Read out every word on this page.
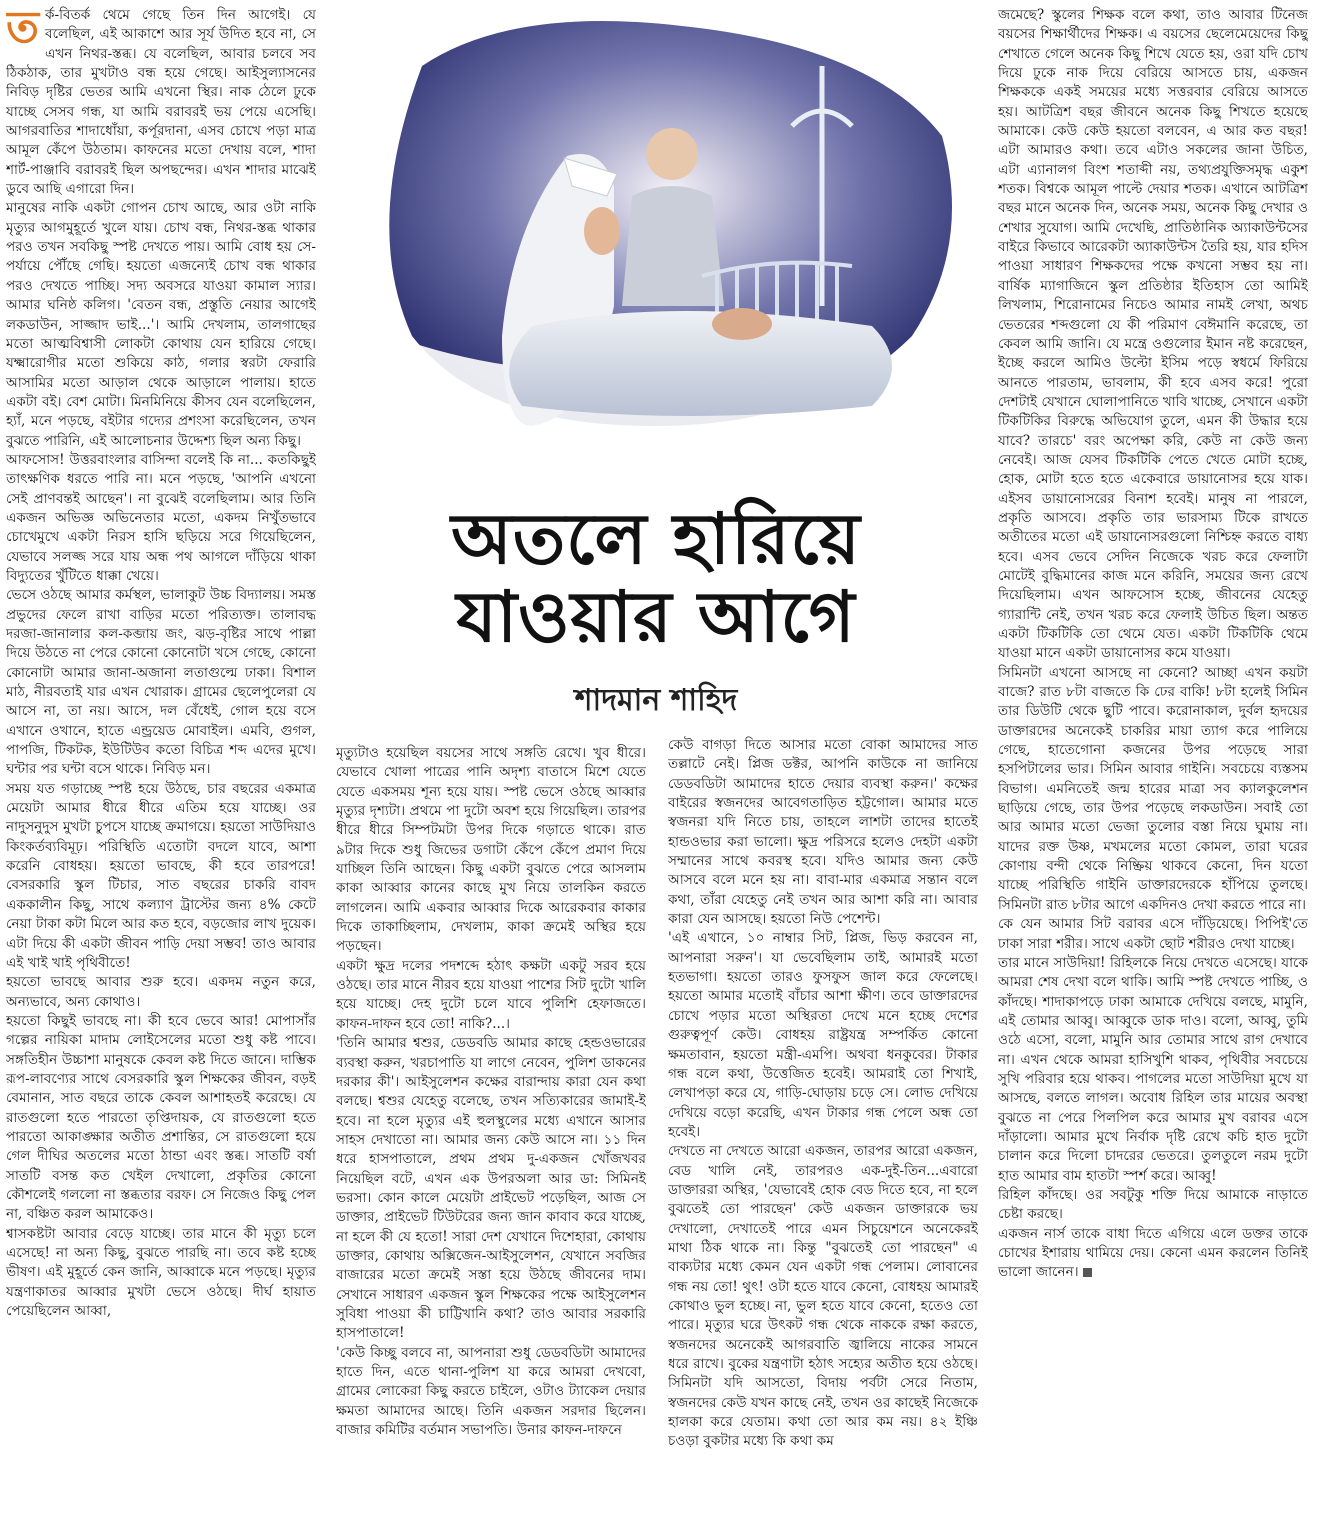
ত র্ক-বিতর্ক থেমে গেছে তিন দিন আগেই। যে বলেছিল, এই আকাশে আর সূর্য উদিত হবে না, সে এখন নিথর-স্তব্ধ। যে বলেছিল, আবার চলবে সব ঠিকঠাক, তার মুখটাও বন্ধ হয়ে গেছে। আইসুল্যাসনের নিবিড় দৃষ্টির ভেতর আমি এখনো স্থির। নাক ঠেলে ঢুকে যাচ্ছে সেসব গন্ধ, যা আমি বরাবরই ভয় পেয়ে এসেছি। আগরবাতির শাদাধোঁয়া, কর্পূরদানা, এসব চোখে পড়া মাত্র আমূল কেঁপে উঠতাম। কাফনের মতো দেখায় বলে, শাদা শার্ট-পাঞ্জাবি বরাবরই ছিল অপছন্দের। এখন শাদার মাঝেই ডুবে আছি এগারো দিন।

মানুষের নাকি একটা গোপন চোখ আছে, আর ওটা নাকি মৃত্যুর আগমুহূর্তে খুলে যায়। চোখ বন্ধ, নিথর-স্তব্ধ থাকার পরও তখন সবকিছু স্পষ্ট দেখতে পায়। আমি বোধ হয় সে-পর্যায়ে পৌঁছে গেছি। হয়তো এজন্যেই চোখ বন্ধ থাকার পরও দেখতে পাচ্ছি। সদ্য অবসরে যাওয়া কামাল স্যার। আমার ঘনিষ্ঠ কলিগ। 'বেতন বন্ধ, প্রস্তুতি নেয়ার আগেই লকডাউন, সাজ্জাদ ভাই...'। আমি দেখলাম, তালগাছের মতো আত্মবিশ্বাসী লোকটা কোথায় যেন হারিয়ে গেছে। যক্ষ্মারোগীর মতো শুকিয়ে কাঠ, গলার স্বরটা ফেরারি আসামির মতো আড়াল থেকে আড়ালে পালায়। হাতে একটা বই। বেশ মোটা। মিনমিনিয়ে কীসব যেন বলেছিলেন, হ্যাঁ, মনে পড়ছে, বইটার গদ্যের প্রশংসা করেছিলেন, তখন বুঝতে পারিনি, এই আলোচনার উদ্দেশ্য ছিল অন্য কিছু।

আফসোস! উত্তরবাংলার বাসিন্দা বলেই কি না... কতকিছুই তাৎক্ষণিক ধরতে পারি না। মনে পড়ছে, 'আপনি এখনো সেই প্রাণবন্তই আছেন'। না বুঝেই বলেছিলাম। আর তিনি একজন অভিজ্ঞ অভিনেতার মতো, একদম নিখুঁতভাবে চোখেমুখে একটা নিরস হাসি ছড়িয়ে সরে গিয়েছিলেন, যেভাবে সলজ্জ সরে যায় অন্ধ পথ আগলে দাঁড়িয়ে থাকা বিদ্যুতের খুঁটিতে ধাক্কা খেয়ে।

ভেসে ওঠছে আমার কর্মস্থল, ভালাকুট উচ্চ বিদ্যালয়। সমস্ত প্রভুদের ফেলে রাখা বাড়ির মতো পরিত্যক্ত। তালাবদ্ধ দরজা-জানালার কল-কব্জায় জং, ঝড়-বৃষ্টির সাথে পাল্লা দিয়ে উঠতে না পেরে কোনো কোনোটা খসে গেছে, কোনো কোনোটা আমার জানা-অজানা লতাগুল্মে ঢাকা। বিশাল মাঠ, নীরবতাই যার এখন খোরাক। গ্রামের ছেলেপুলেরা যে আসে না, তা নয়। আসে, দল বেঁধেই, গোল হয়ে বসে এখানে ওখানে, হাতে এন্ড্রয়েড মোবাইল। এমবি, গুগল, পাপজি, টিকটক, ইউটিউব কতো বিচিত্র শব্দ এদের মুখে। ঘন্টার পর ঘন্টা বসে থাকে। নিবিড় মন।

সময় যত গড়াচ্ছে স্পষ্ট হয়ে উঠছে, চার বছরের একমাত্র মেয়েটা আমার ধীরে ধীরে এতিম হয়ে যাচ্ছে। ওর নাদুসনুদুস মুখটা চুপসে যাচ্ছে ক্রমাগয়ে। হয়তো সাউদিয়াও কিংকর্তব্যবিমূঢ়। পরিস্থিতি এতোটা বদলে যাবে, আশা করেনি বোধহয়। হয়তো ভাবছে, কী হবে তারপরে! বেসরকারি স্কুল টিচার, সাত বছরের চাকরি বাবদ এককালীন কিছু, সাথে কল্যাণ ট্রাস্টের জন্য ৪% কেটে নেয়া টাকা কটা মিলে আর কত হবে, বড়জোর লাখ দুয়েক। এটা দিয়ে কী একটা জীবন পাড়ি দেয়া সম্ভব! তাও আবার এই খাই খাই পৃথিবীতে!

হয়তো ভাবছে আবার শুরু হবে। একদম নতুন করে, অন্যভাবে, অন্য কোথাও।

হয়তো কিছুই ভাবছে না। কী হবে ভেবে আর! মোপাসাঁর গল্পের নায়িকা মাদাম লোইসেলের মতো শুধু কষ্ট পাবে। সঙ্গতিহীন উচ্চাশা মানুষকে কেবল কষ্ট দিতে জানে। দাম্ভিক রূপ-লাবণ্যের সাথে বেসরকারি স্কুল শিক্ষকের জীবন, বড়ই বেমানান, সাত বছরে তাকে কেবল আশাহতই করেছে। যে রাতগুলো হতে পারতো তৃপ্তিদায়ক, যে রাতগুলো হতে পারতো আকাঙ্ক্ষার অতীত প্রশান্তির, সে রাতগুলো হয়ে গেল দীঘির অতলের মতো ঠান্ডা এবং স্তব্ধ। সাতটি বর্ষা সাতটি বসন্ত কত খেইল দেখালো, প্রকৃতির কোনো কৌশলেই গললো না স্তব্ধতার বরফ। সে নিজেও কিছু পেল না, বঞ্চিত করল আমাকেও।

শ্বাসকষ্টটা আবার বেড়ে যাচ্ছে। তার মানে কী মৃত্যু চলে এসেছে! না অন্য কিছু, বুঝতে পারছি না। তবে কষ্ট হচ্ছে ভীষণ। এই মুহূর্তে কেন জানি, আব্বাকে মনে পড়ছে। মৃত্যুর যন্ত্রণাকাতর আব্বার মুখটা ভেসে ওঠছে। দীর্ঘ হায়াত পেয়েছিলেন আব্বা,

অতলে হারিয়ে
যাওয়ার আগে
শাদমান শাহিদ

মৃত্যুটাও হয়েছিল বয়সের সাথে সঙ্গতি রেখে। খুব ধীরে। যেভাবে খোলা পাত্রের পানি অদৃশ্য বাতাসে মিশে যেতে যেতে একসময় শূন্য হয়ে যায়। স্পষ্ট ভেসে ওঠছে আব্বার মৃত্যুর দৃশ্যটা। প্রথমে পা দুটো অবশ হয়ে গিয়েছিল। তারপর ধীরে ধীরে সিম্পটমটা উপর দিকে গড়াতে থাকে। রাত ৯টার দিকে শুধু জিভের ডগাটা কেঁপে কেঁপে প্রমাণ দিয়ে যাচ্ছিল তিনি আছেন। কিছু একটা বুঝতে পেরে আসলাম কাকা আব্বার কানের কাছে মুখ নিয়ে তালকিন করতে লাগলেন। আমি একবার আব্বার দিকে আরেকবার কাকার দিকে তাকাচ্ছিলাম, দেখলাম, কাকা ক্রমেই অস্থির হয়ে পড়ছেন।

একটা ক্ষুদ্র দলের পদশব্দে হঠাৎ কক্ষটা একটু সরব হয়ে ওঠছে। তার মানে নীরব হয়ে যাওয়া পাশের সিট দুটো খালি হয়ে যাচ্ছে। দেহ দুটো চলে যাবে পুলিশি হেফাজতে। কাফন-দাফন হবে তো! নাকি?...।

'তিনি আমার শ্বশুর, ডেডবডি আমার কাছে হেন্ডওভারের ব্যবস্থা করুন, খরচাপাতি যা লাগে নেবেন, পুলিশ ডাকনের দরকার কী'। আইসুলেশন কক্ষের বারান্দায় কারা যেন কথা বলছে। শ্বশুর যেহেতু বলেছে, তখন সত্যিকারের জামাই-ই হবে। না হলে মৃত্যুর এই হুলস্থুলের মধ্যে এখানে আসার সাহস দেখাতো না। আমার জন্য কেউ আসে না। ১১ দিন ধরে হাসপাতালে, প্রথম প্রথম দু-একজন খোঁজখবর নিয়েছিল বটে, এখন এক উপরঅলা আর ডা: সিমিনই ভরসা। কোন কালে মেয়েটা প্রাইভেট পড়েছিল, আজ সে ডাক্তার, প্রাইভেট টিউটরের জন্য জান কাবাব করে যাচ্ছে, না হলে কী যে হতো! সারা দেশ যেখানে দিশেহারা, কোথায় ডাক্তার, কোথায় অক্সিজেন-আইসুলেশন, যেখানে সবজির বাজারের মতো ক্রমেই সস্তা হয়ে উঠছে জীবনের দাম। সেখানে সাধারণ একজন স্কুল শিক্ষকের পক্ষে আইসুলেশন সুবিধা পাওয়া কী চাট্টিখানি কথা? তাও আবার সরকারি হাসপাতালে!

'কেউ কিচ্ছু বলবে না, আপনারা শুধু ডেডবডিটা আমাদের হাতে দিন, এতে থানা-পুলিশ যা করে আমরা দেখবো, গ্রামের লোকেরা কিছু করতে চাইলে, ওটাও ট্যাকেল দেয়ার ক্ষমতা আমাদের আছে। তিনি একজন সরদার ছিলেন। বাজার কমিটির বর্তমান সভাপতি। উনার কাফন-দাফনে

কেউ বাগড়া দিতে আসার মতো বোকা আমাদের সাত তল্লাটে নেই। প্লিজ ডক্টর, আপনি কাউকে না জানিয়ে ডেডবডিটা আমাদের হাতে দেয়ার ব্যবস্থা করুন।' কক্ষের বাইরের স্বজনদের আবেগতাড়িত হট্টগোল। আমার মতে স্বজনরা যদি নিতে চায়, তাহলে লাশটা তাদের হাতেই হান্ডওভার করা ভালো। ক্ষুদ্র পরিসরে হলেও দেহটা একটা সম্মানের সাথে কবরস্থ হবে। যদিও আমার জন্য কেউ আসবে বলে মনে হয় না। বাবা-মার একমাত্র সন্তান বলে কথা, তাঁরা যেহেতু নেই তখন আর আশা করি না। আবার কারা যেন আসছে। হয়তো নিউ পেশেন্ট।

'এই এখানে, ১০ নাম্বার সিট, প্লিজ, ভিড় করবেন না, আপনারা সরুন'। যা ভেবেছিলাম তাই, আমারই মতো হতভাগা। হয়তো তারও ফুসফুস জাল করে ফেলেছে। হয়তো আমার মতোই বাঁচার আশা ক্ষীণ। তবে ডাক্তারদের চোখে পড়ার মতো অস্থিরতা দেখে মনে হচ্ছে দেশের গুরুত্বপূর্ণ কেউ। বোধহয় রাষ্ট্রযন্ত্র সম্পর্কিত কোনো ক্ষমতাবান, হয়তো মন্ত্রী-এমপি। অথবা ধনকুবের। টাকার গন্ধ বলে কথা, উত্তেজিত হবেই। আমরাই তো শিখাই, লেখাপড়া করে যে, গাড়ি-ঘোড়ায় চড়ে সে। লোভ দেখিয়ে দেখিয়ে বড়ো করেছি, এখন টাকার গন্ধ পেলে অন্ধ তো হবেই।

দেখতে না দেখতে আরো একজন, তারপর আরো একজন, বেড খালি নেই, তারপরও এক-দুই-তিন...এবারো ডাক্তাররা অস্থির, 'যেভাবেই হোক বেড দিতে হবে, না হলে বুঝতেই তো পারছেন' কেউ একজন ডাক্তারকে ভয় দেখালো, দেখাতেই পারে এমন সিচুয়েশনে অনেকেরই মাথা ঠিক থাকে না। কিন্তু "বুঝতেই তো পারছেন" এ বাক্যটার মধ্যে কেমন যেন একটা গন্ধ পেলাম। লোবানের গন্ধ নয় তো! থুৎ! ওটা হতে যাবে কেনো, বোধহয় আমারই কোথাও ভুল হচ্ছে। না, ভুল হতে যাবে কেনো, হতেও তো পারে। মৃত্যুর ঘরে উৎকট গন্ধ থেকে নাককে রক্ষা করতে, স্বজনদের অনেকেই আগরবাতি জ্বালিয়ে নাকের সামনে ধরে রাখে। বুকের যন্ত্রণাটা হঠাৎ সহ্যের অতীত হয়ে ওঠছে। সিমিনটা যদি আসতো, বিদায় পর্বটা সেরে নিতাম, স্বজনদের কেউ যখন কাছে নেই, তখন ওর কাছেই নিজেকে হালকা করে যেতাম। কথা তো আর কম নয়। ৪২ ইঞ্চি চওড়া বুকটার মধ্যে কি কথা কম

জমেছে? স্কুলের শিক্ষক বলে কথা, তাও আবার টিনেজ বয়সের শিক্ষার্থীদের শিক্ষক। এ বয়সের ছেলেমেয়েদের কিছু শেখাতে গেলে অনেক কিছু শিখে যেতে হয়, ওরা যদি চোখ দিয়ে ঢুকে নাক দিয়ে বেরিয়ে আসতে চায়, একজন শিক্ষককে একই সময়ের মধ্যে সত্তরবার বেরিয়ে আসতে হয়। আটত্রিশ বছর জীবনে অনেক কিছু শিখতে হয়েছে আমাকে। কেউ কেউ হয়তো বলবেন, এ আর কত বছর! এটা আমারও কথা। তবে এটাও সকলের জানা উচিত, এটা এ্যানালগ বিংশ শতাব্দী নয়, তথ্যপ্রযুক্তিসমৃদ্ধ একুশ শতক। বিশ্বকে আমূল পাল্টে দেয়ার শতক। এখানে আটত্রিশ বছর মানে অনেক দিন, অনেক সময়, অনেক কিছু দেখার ও শেখার সুযোগ। আমি দেখেছি, প্রাতিষ্ঠানিক অ্যাকাউন্টসের বাইরে কিভাবে আরেকটা অ্যাকাউন্টস তৈরি হয়, যার হদিস পাওয়া সাধারণ শিক্ষকদের পক্ষে কখনো সম্ভব হয় না। বার্ষিক ম্যাগাজিনে স্কুল প্রতিষ্ঠার ইতিহাস তো আমিই লিখলাম, শিরোনামের নিচেও আমার নামই লেখা, অথচ ভেতরের শব্দগুলো যে কী পরিমাণ বেঈমানি করেছে, তা কেবল আমি জানি। যে মন্ত্রে ওগুলোর ইমান নষ্ট করেছেন, ইচ্ছে করলে আমিও উল্টো ইসিম পড়ে স্বধর্মে ফিরিয়ে আনতে পারতাম, ভাবলাম, কী হবে এসব করে! পুরো দেশটাই যেখানে ঘোলাপানিতে খাবি খাচ্ছে, সেখানে একটা টিকটিকির বিরুদ্ধে অভিযোগ তুলে, এমন কী উদ্ধার হয়ে যাবে? তারচে' বরং অপেক্ষা করি, কেউ না কেউ জন্য নেবেই। আজ যেসব টিকটিকি পেতে খেতে মোটা হচ্ছে, হোক, মোটা হতে হতে একেবারে ডায়ানোসর হয়ে যাক। এইসব ডায়ানোসরের বিনাশ হবেই। মানুষ না পারলে, প্রকৃতি আসবে। প্রকৃতি তার ভারসাম্য টিকে রাখতে অতীতের মতো এই ডায়ানোসরগুলো নিশ্চিহ্ন করতে বাধ্য হবে। এসব ভেবে সেদিন নিজেকে খরচ করে ফেলাটা মোটেই বুদ্ধিমানের কাজ মনে করিনি, সময়ের জন্য রেখে দিয়েছিলাম। এখন আফসোস হচ্ছে, জীবনের যেহেতু গ্যারান্টি নেই, তখন খরচ করে ফেলাই উচিত ছিল। অন্তত একটা টিকটিকি তো থেমে যেত। একটা টিকটিকি থেমে যাওয়া মানে একটা ডায়ানোসর কমে যাওয়া।

সিমিনটা এখনো আসছে না কেনো? আচ্ছা এখন কয়টা বাজে? রাত ৮টা বাজতে কি ঢের বাকি! ৮টা হলেই সিমিন তার ডিউটি থেকে ছুটি পাবে। করোনাকাল, দুর্বল হৃদয়ের ডাক্তারদের অনেকেই চাকরির মায়া ত্যাগ করে পালিয়ে গেছে, হাতেগোনা কজনের উপর পড়েছে সারা হসপিটালের ভার। সিমিন আবার গাইনি। সবচেয়ে ব্যস্তসম বিভাগ। এমনিতেই জন্ম হারের মাত্রা সব ক্যালকুলেশন ছাড়িয়ে গেছে, তার উপর পড়েছে লকডাউন। সবাই তো আর আমার মতো ভেজা তুলোর বস্তা নিয়ে ঘুমায় না। যাদের রক্ত উষ্ণ, মখমলের মতো কোমল, তারা ঘরের কোণায় বন্দী থেকে নিষ্ক্রিয় থাকবে কেনো, দিন যতো যাচ্ছে পরিস্থিতি গাইনি ডাক্তারদেরকে হাঁপিয়ে তুলছে। সিমিনটা রাত ৮টার আগে একদিনও দেখা করতে পারে না।

কে যেন আমার সিট বরাবর এসে দাঁড়িয়েছে। পিপিই'তে ঢাকা সারা শরীর। সাথে একটা ছোট শরীরও দেখা যাচ্ছে।

তার মানে সাউদিয়া! রিহিলকে নিয়ে দেখতে এসেছে। যাকে আমরা শেষ দেখা বলে থাকি। আমি স্পষ্ট দেখতে পাচ্ছি, ও কাঁদছে। শাদাকাপড়ে ঢাকা আমাকে দেখিয়ে বলছে, মামুনি, এই তোমার আব্বু। আব্বুকে ডাক দাও। বলো, আব্বু, তুমি ওঠে এসো, বলো, মামুনি আর তোমার সাথে রাগ দেখাবে না। এখন থেকে আমরা হাসিখুশি থাকব, পৃথিবীর সবচেয়ে সুখি পরিবার হয়ে থাকব। পাগলের মতো সাউদিয়া মুখে যা আসছে, বলতে লাগল। অবোধ রিহিল তার মায়ের অবস্থা বুঝতে না পেরে পিলপিল করে আমার মুখ বরাবর এসে দাঁড়ালো। আমার মুখে নির্বাক দৃষ্টি রেখে কচি হাত দুটো চালান করে দিলো চাদরের ভেতরে। তুলতুলে নরম দুটো হাত আমার বাম হাতটা স্পর্শ করে। আব্বু!

রিহিল কাঁদছে। ওর সবটুকু শক্তি দিয়ে আমাকে নাড়াতে চেষ্টা করছে।

একজন নার্স তাকে বাধা দিতে এগিয়ে এলে ডক্তর তাকে চোখের ইশারায় থামিয়ে দেয়। কেনো এমন করলেন তিনিই ভালো জানেন।
